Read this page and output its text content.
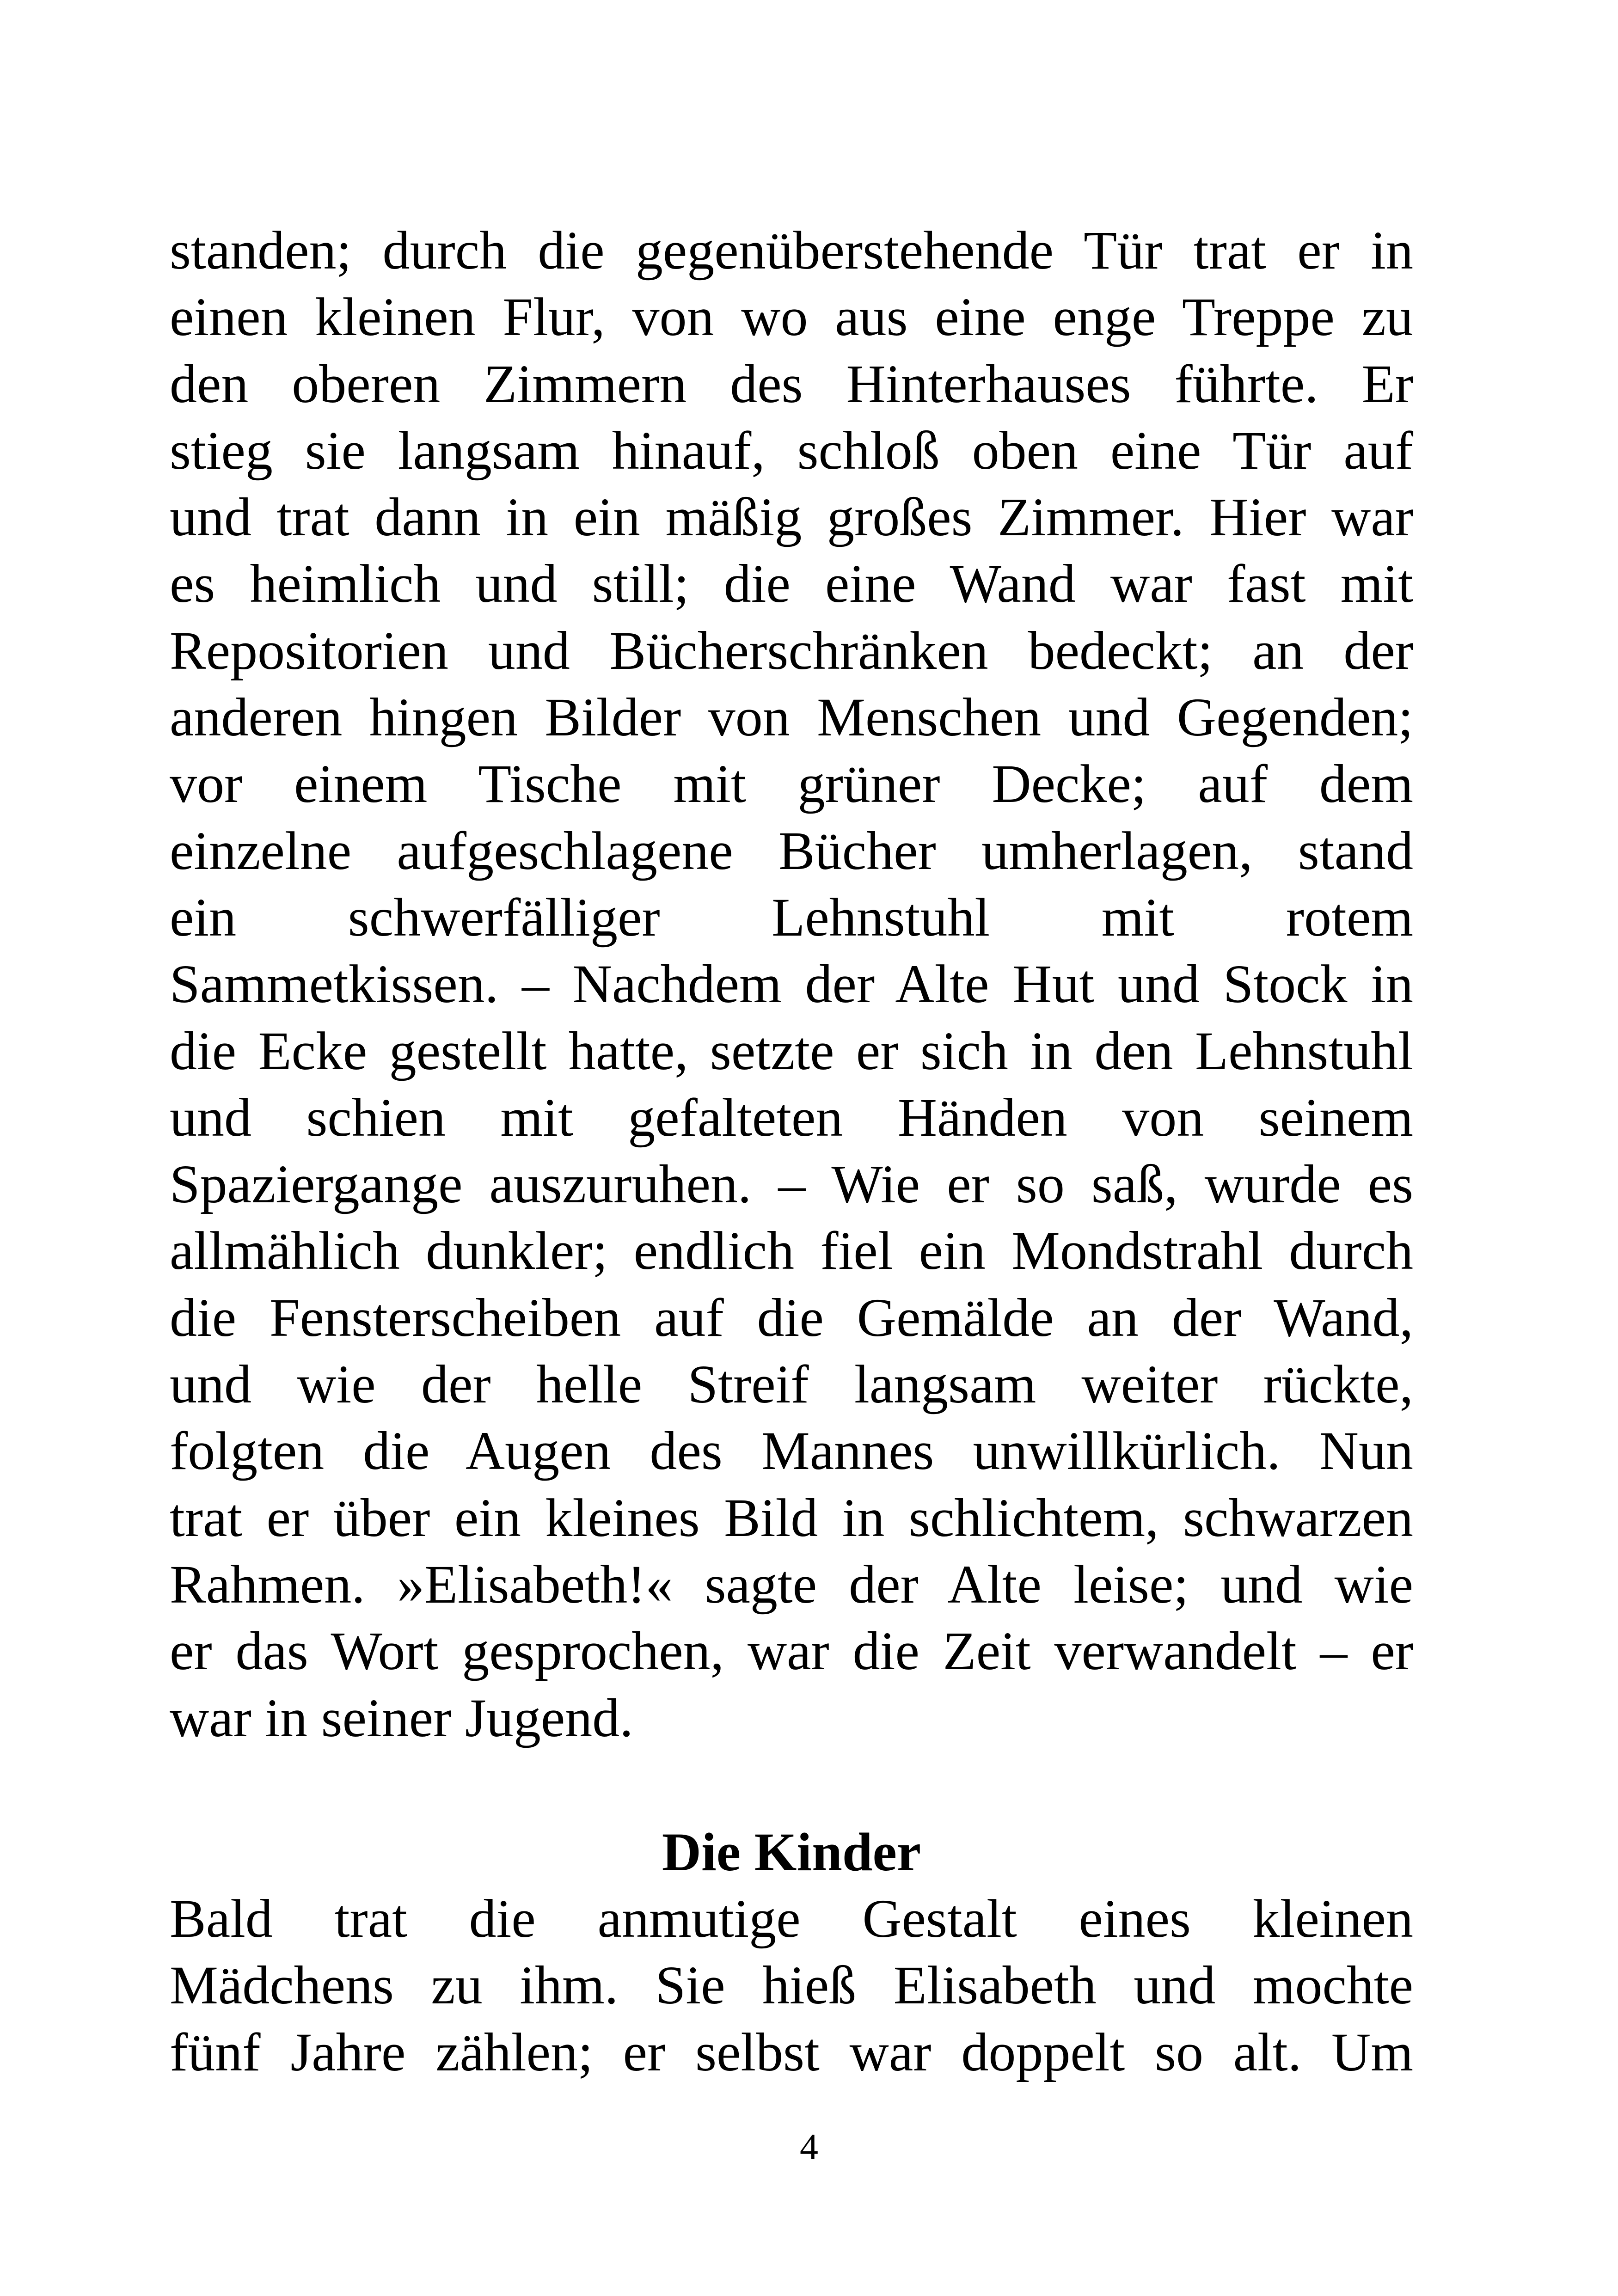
standen; durch die gegenüberstehende Tür trat er in
einen kleinen Flur, von wo aus eine enge Treppe zu
den oberen Zimmern des Hinterhauses führte. Er
stieg sie langsam hinauf, schloß oben eine Tür auf
und trat dann in ein mäßig großes Zimmer. Hier war
es heimlich und still; die eine Wand war fast mit
Repositorien und Bücherschränken bedeckt; an der
anderen hingen Bilder von Menschen und Gegenden;
vor einem Tische mit grüner Decke; auf dem
einzelne aufgeschlagene Bücher umherlagen, stand
ein schwerfälliger Lehnstuhl mit rotem
Sammetkissen. – Nachdem der Alte Hut und Stock in
die Ecke gestellt hatte, setzte er sich in den Lehnstuhl
und schien mit gefalteten Händen von seinem
Spaziergange auszuruhen. – Wie er so saß, wurde es
allmählich dunkler; endlich fiel ein Mondstrahl durch
die Fensterscheiben auf die Gemälde an der Wand,
und wie der helle Streif langsam weiter rückte,
folgten die Augen des Mannes unwillkürlich. Nun
trat er über ein kleines Bild in schlichtem, schwarzen
Rahmen. »Elisabeth!« sagte der Alte leise; und wie
er das Wort gesprochen, war die Zeit verwandelt – er
war in seiner Jugend.
Die Kinder
Bald trat die anmutige Gestalt eines kleinen
Mädchens zu ihm. Sie hieß Elisabeth und mochte
fünf Jahre zählen; er selbst war doppelt so alt. Um
4
